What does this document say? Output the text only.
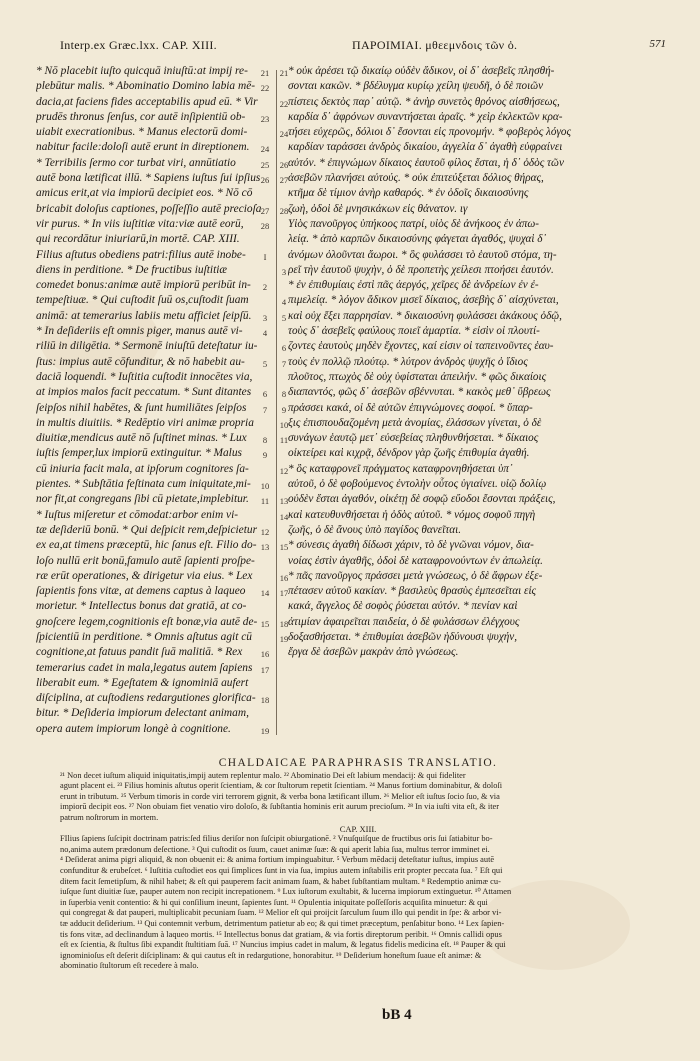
Interp.ex Græc.lxx. CAP. XIII.	ΠΑΡΟΙΜΙΑΙ. μθεεμνδοις τῶν ὁ.	571
* Nō placebit iuſto quicquā iniuſtū:at impij re-
plebūtur malis. * Abominatio Domino labia mē-
dacia,at faciens fides acceptabilis apud eū. * Vir
prudēs thronus ſenſus, cor autē inſipientiū ob-
uiabit execrationibus. * Manus electorū domi-
nabitur facile:doloſi autē erunt in direptionem.
* Terribilis ſermo cor turbat viri, annūtiatio
autē bona lætificat illū. * Sapiens iuſtus ſui ipſius
amicus erit,at via impiorū decipiet eos. * Nō cō
bricabit doloſus captiones, poſſeſſio autē precioſa
vir purus. * In viis iuſtitiæ vita:viæ autē eorū,
qui recordātur iniuriarū,in mortē. CAP. XIII.
Filius aſtutus obediens patri:filius autē inobe-
diens in perditione. * De fructibus iuſtitiæ
comedet bonus:animæ autē impiorū peribūt in-
tempeſtiuæ. * Qui cuſtodit ſuū os,cuſtodit ſuam
animā: at temerarius labiis metu afficiet ſeipſū.
* In deſideriis eſt omnis piger, manus autē vi-
riliū in diligētia. * Sermonē iniuſtū deteſtatur iu-
ſtus: impius autē cōfunditur, & nō habebit au-
daciā loquendi. * Iuſtitia cuſtodit innocētes via,
at impios malos facit peccatum. * Sunt ditantes
ſeipſos nihil habētes, & ſunt humiliātes ſeipſos
in multis diuitiis. * Redēptio viri animæ propria
diuitiæ,mendicus autē nō ſuſtinet minas. * Lux
iuſtis ſemper,lux impiorū extinguitur. * Malus
cū iniuria facit mala, at ipſorum cognitores ſa-
pientes. * Subſtātia feſtinata cum iniquitate,mi-
nor fit,at congregans ſibi cū pietate,implebitur.
* Iuſtus miſeretur et cōmodat:arbor enim vi-
tæ deſideriū bonū. * Qui deſpicit rem,deſpicietur
ex ea,at timens præceptū, hic ſanus eſt. Filio do-
loſo nullū erit bonū,famulo autē ſapienti proſpe-
ræ erūt operationes, & dirigetur via eius. * Lex
ſapientis fons vitæ, at demens captus à laqueo
morietur. * Intellectus bonus dat gratiā, at co-
gnoſcere legem,cognitionis eſt bonæ,via autē de-
ſpicientiū in perditione. * Omnis aſtutus agit cū
cognitione,at fatuus pandit ſuā malitiā. * Rex
temerarius cadet in mala,legatus autem ſapiens
liberabit eum. * Egeſtatem & ignominiā aufert
diſciplina, at cuſtodiens redargutiones glorifica-
bitur. * Deſideria impiorum delectant animam,
opera autem impiorum longè à cognitione.
21
22
23
24
25
26
27
28
I
2
3
4
5
6
7
8
9
10
11
12
13
14
15
16
17
18
19
21
22
24
26
27
28
3
4
5
6
7
8
9
10
11
12
13
14
15
16
17
18
19
* οὐκ ἀρέσει τῷ δικαίῳ οὐδὲν ἄδικον, οἱ δ᾽ ἀσεβεῖς πλησθή-
σονται κακῶν. * βδέλυγμα κυρίῳ χείλη ψευδῆ, ὁ δὲ ποιῶν
πίστεις δεκτὸς παρ᾽ αὐτῷ. * ἀνὴρ συνετὸς θρόνος αἰσθήσεως,
καρδία δ᾽ ἀφρόνων συναντήσεται ἀραῖς. * χεὶρ ἐκλεκτῶν κρα-
τήσει εὐχερῶς, δόλιοι δ᾽ ἔσονται εἰς προνομήν. * φοβερὸς λόγος
καρδίαν ταράσσει ἀνδρὸς δικαίου, ἀγγελία δ᾽ ἀγαθὴ εὐφραίνει
αὐτόν. * ἐπιγνώμων δίκαιος ἑαυτοῦ φίλος ἔσται, ἡ δ᾽ ὁδὸς τῶν
ἀσεβῶν πλανήσει αὐτούς. * οὐκ ἐπιτεύξεται δόλιος θήρας,
κτῆμα δὲ τίμιον ἀνὴρ καθαρός. * ἐν ὁδοῖς δικαιοσύνης
ζωὴ, ὁδοὶ δὲ μνησικάκων εἰς θάνατον. ιγ
Υἱὸς πανοῦργος ὑπήκοος πατρί, υἱὸς δὲ ἀνήκοος ἐν ἀπω-
λείᾳ. * ἀπὸ καρπῶν δικαιοσύνης φάγεται ἀγαθός, ψυχαὶ δ᾽
ἀνόμων ὀλοῦνται ἄωροι. * ὃς φυλάσσει τὸ ἑαυτοῦ στόμα, τη-
ρεῖ τὴν ἑαυτοῦ ψυχὴν, ὁ δὲ προπετὴς χείλεσι πτοήσει ἑαυτόν.
* ἐν ἐπιθυμίαις ἐστὶ πᾶς ἀεργός, χεῖρες δὲ ἀνδρείων ἐν ἐ-
πιμελείᾳ. * λόγον ἄδικον μισεῖ δίκαιος, ἀσεβὴς δ᾽ αἰσχύνεται,
καὶ οὐχ ἕξει παρρησίαν. * δικαιοσύνη φυλάσσει ἀκάκους ὁδῷ,
τοὺς δ᾽ ἀσεβεῖς φαύλους ποιεῖ ἁμαρτία. * εἰσὶν οἱ πλουτί-
ζοντες ἑαυτοὺς μηδὲν ἔχοντες, καί εἰσιν οἱ ταπεινοῦντες ἑαυ-
τοὺς ἐν πολλῷ πλούτῳ. * λύτρον ἀνδρὸς ψυχῆς ὁ ἴδιος
πλοῦτος, πτωχὸς δὲ οὐχ ὑφίσταται ἀπειλήν. * φῶς δικαίοις
διαπαντός, φῶς δ᾽ ἀσεβῶν σβέννυται. * κακὸς μεθ᾽ ὕβρεως
πράσσει κακά, οἱ δὲ αὐτῶν ἐπιγνώμονες σοφοί. * ὕπαρ-
ξις ἐπισπουδαζομένη μετὰ ἀνομίας, ἐλάσσων γίνεται, ὁ δὲ
συνάγων ἑαυτῷ μετ᾽ εὐσεβείας πληθυνθήσεται. * δίκαιος
οἰκτείρει καὶ κιχρᾷ, δένδρον γὰρ ζωῆς ἐπιθυμία ἀγαθή.
* ὃς καταφρονεῖ πράγματος καταφρονηθήσεται ὑπ᾽
αὐτοῦ, ὁ δὲ φοβούμενος ἐντολὴν οὗτος ὑγιαίνει. υἱῷ δολίῳ
οὐδὲν ἔσται ἀγαθόν, οἰκέτῃ δὲ σοφῷ εὔοδοι ἔσονται πράξεις,
καὶ κατευθυνθήσεται ἡ ὁδὸς αὐτοῦ. * νόμος σοφοῦ πηγὴ
ζωῆς, ὁ δὲ ἄνους ὑπὸ παγίδος θανεῖται.
* σύνεσις ἀγαθὴ δίδωσι χάριν, τὸ δὲ γνῶναι νόμον, δια-
νοίας ἐστὶν ἀγαθῆς, ὁδοὶ δὲ καταφρονούντων ἐν ἀπωλείᾳ.
* πᾶς πανοῦργος πράσσει μετὰ γνώσεως, ὁ δὲ ἄφρων ἐξε-
πέτασεν αὐτοῦ κακίαν. * βασιλεὺς θρασὺς ἐμπεσεῖται εἰς
κακά, ἄγγελος δὲ σοφὸς ῥύσεται αὐτόν. * πενίαν καὶ
ἀτιμίαν ἀφαιρεῖται παιδεία, ὁ δὲ φυλάσσων ἐλέγχους
δοξασθήσεται. * ἐπιθυμίαι ἀσεβῶν ἡδύνουσι ψυχήν,
ἔργα δὲ ἀσεβῶν μακρὰν ἀπὸ γνώσεως.
CHALDAICAE PARAPHRASIS TRANSLATIO.
²¹ Non decet iuſtum aliquid iniquitatis,impij autem replentur malo. ²² Abominatio Dei eſt labium mendacij: & qui fideliter
agunt placent ei. ²³ Filius hominis aſtutus operit ſcientiam, & cor ſtultorum repetit ſcientiam. ²⁴ Manus fortium dominabitur, & doloſi
erunt in tributum. ²⁵ Verbum timoris in corde viri terrorem gignit, & verba bona lætificant illum. ²⁶ Melior eſt iuſtus ſocio ſuo, & via
impiorū decipit eos. ²⁷ Non obuiam fiet venatio viro doloſo, & ſubſtantia hominis erit aurum precioſum. ²⁸ In via iuſti vita eſt, & iter
patrum noſtrorum in mortem.
CAP. XIII.
FIlius ſapiens ſuſcipit doctrinam patris:ſed filius deriſor non ſuſcipit obiurgationē. ² Vnuſquiſque de fructibus oris ſui ſatiabitur bo-
no,anima autem prædonum deſectione. ³ Qui cuſtodit os ſuum, cauet animæ ſuæ: & qui aperit labia ſua, multus terror imminet ei.
⁴ Deſiderat anima pigri aliquid, & non obuenit ei: & anima fortium impinguabitur. ⁵ Verbum mēdacij deteſtatur iuſtus, impius autē
confunditur & erubeſcet. ⁶ Iuſtitia cuſtodiet eos qui ſimplices ſunt in via ſua, impius autem inſtabilis erit propter peccata ſua. ⁷ Eſt qui
ditem facit ſemetipſum, & nihil habet; & eſt qui pauperem facit animam ſuam, & habet ſubſtantiam multam. ⁸ Redemptio animæ cu-
iuſque ſunt diuitiæ ſuæ, pauper autem non recipit increpationem. ⁹ Lux iuſtorum exultabit, & lucerna impiorum extinguetur. ¹⁰ Attamen
in ſuperbia venit contentio: & hi qui conſilium ineunt, ſapientes ſunt. ¹¹ Opulentia iniquitate poſſeſſoris acquiſita minuetur: & qui
qui congregat & dat pauperi, multiplicabit pecuniam ſuam. ¹² Melior eſt qui proijcit ſarculum ſuum illo qui pendit in ſpe: & arbor vi-
tæ adducit deſiderium. ¹³ Qui contemnit verbum, detrimentum patietur ab eo; & qui timet præceptum, penſabitur bono. ¹⁴ Lex ſapien-
tis fons vitæ, ad declinandum à laqueo mortis. ¹⁵ Intellectus bonus dat gratiam, & via fortis direptorum peribit. ¹⁶ Omnis callidi opus
eſt ex ſcientia, & ſtultus ſibi expandit ſtultitiam ſuā. ¹⁷ Nuncius impius cadet in malum, & legatus fidelis medicina eſt. ¹⁸ Pauper & qui
ignominioſus eſt deſerit diſciplinam: & qui cautus eſt in redargutione, honorabitur. ¹⁹ Deſiderium honeſtum ſuaue eſt animæ: &
abominatio ſtultorum eſt recedere à malo.
bB 4
